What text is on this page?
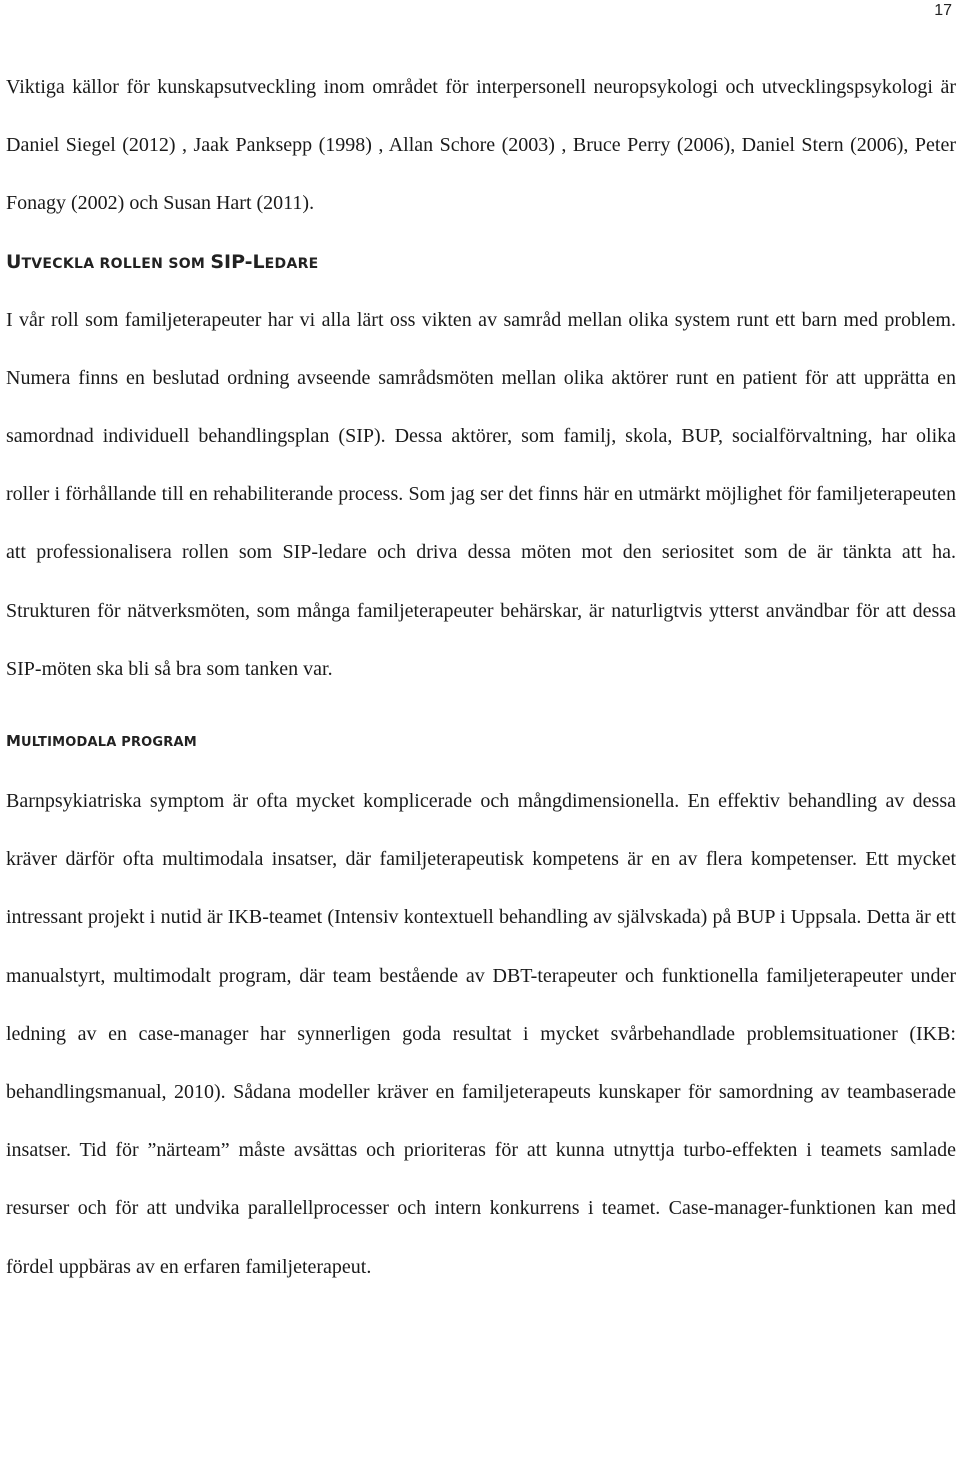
17

Viktiga källor för kunskapsutveckling inom området för interpersonell neuropsykologi och utvecklingspsykologi är Daniel Siegel (2012) , Jaak Panksepp (1998) , Allan Schore (2003) , Bruce Perry (2006), Daniel Stern (2006), Peter Fonagy (2002) och Susan Hart (2011).

UTVECKLA ROLLEN SOM SIP-LEDARE

I vår roll som familjeterapeuter har vi alla lärt oss vikten av samråd mellan olika system runt ett barn med problem. Numera finns en beslutad ordning avseende samrådsmöten mellan olika aktörer runt en patient för att upprätta en samordnad individuell behandlingsplan (SIP). Dessa aktörer, som familj, skola, BUP, socialförvaltning, har olika roller i förhållande till en rehabiliterande process. Som jag ser det finns här en utmärkt möjlighet för familjeterapeuten att professionalisera rollen som SIP-ledare och driva dessa möten mot den seriositet som de är tänkta att ha. Strukturen för nätverksmöten, som många familjeterapeuter behärskar, är naturligtvis ytterst användbar för att dessa SIP-möten ska bli så bra som tanken var.

MULTIMODALA PROGRAM

Barnpsykiatriska symptom är ofta mycket komplicerade och mångdimensionella. En effektiv behandling av dessa kräver därför ofta multimodala insatser, där familjeterapeutisk kompetens är en av flera kompetenser. Ett mycket intressant projekt i nutid är IKB-teamet (Intensiv kontextuell behandling av självskada) på BUP i Uppsala. Detta är ett manualstyrt, multimodalt program, där team bestående av DBT-terapeuter och funktionella familjeterapeuter under ledning av en case-manager har synnerligen goda resultat i mycket svårbehandlade problemsituationer (IKB: behandlingsmanual, 2010). Sådana modeller kräver en familjeterapeuts kunskaper för samordning av teambaserade insatser. Tid för ”närteam” måste avsättas och prioriteras för att kunna utnyttja turbo-effekten i teamets samlade resurser och för att undvika parallellprocesser och intern konkurrens i teamet. Case-manager-funktionen kan med fördel uppbäras av en erfaren familjeterapeut.
